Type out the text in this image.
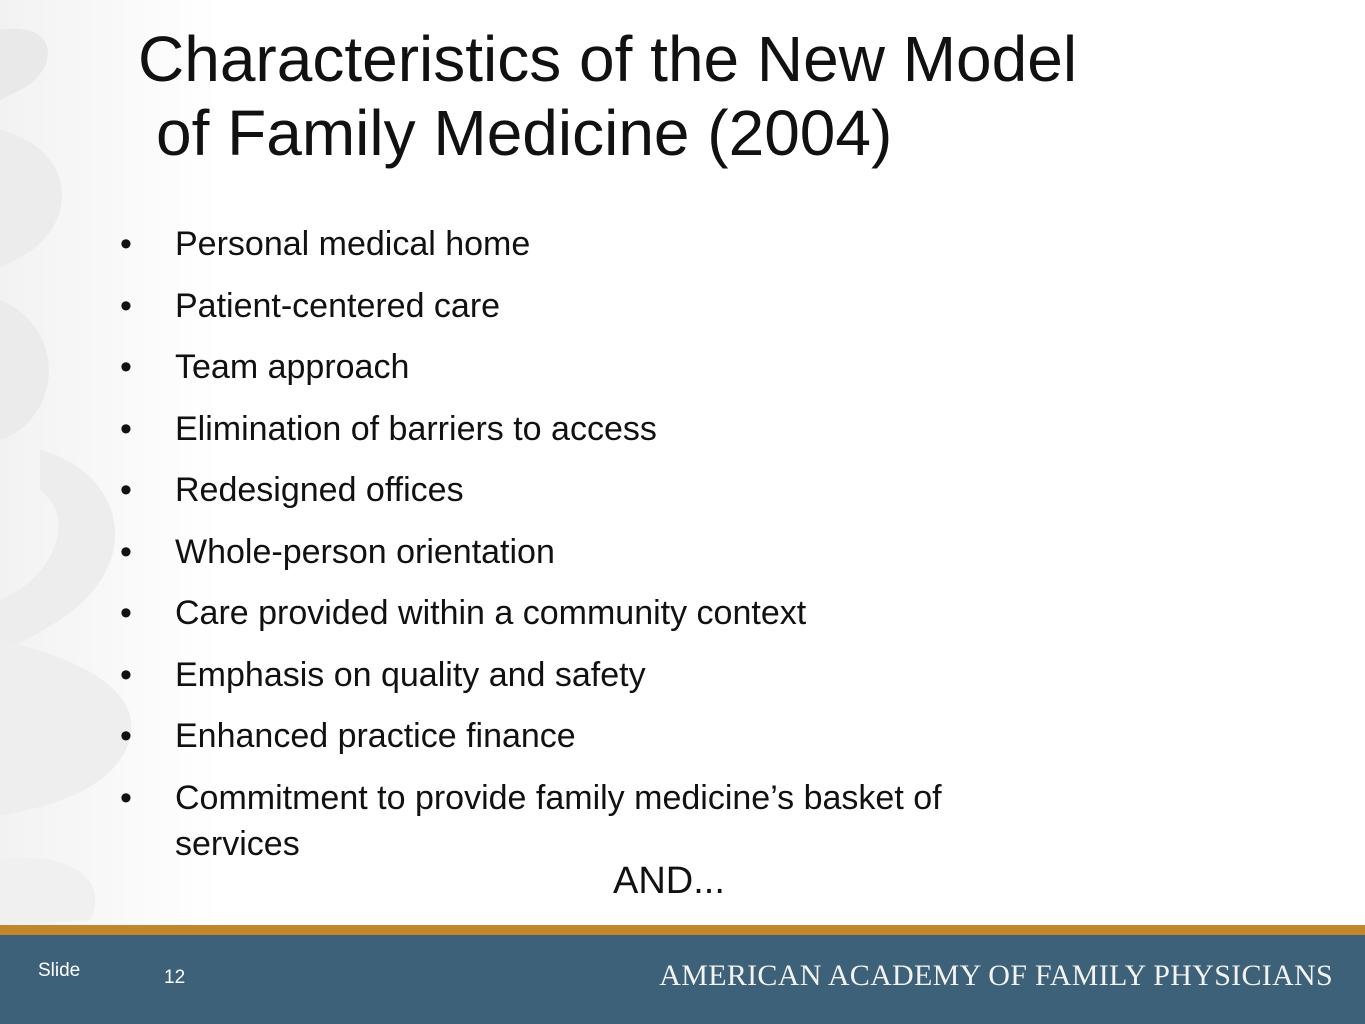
Characteristics of the New Model
of Family Medicine (2004)
•	Personal medical home
•	Patient-centered care
•	Team approach
•	Elimination of barriers to access
•	Redesigned offices
•	Whole-person orientation
•	Care provided within a community context
•	Emphasis on quality and safety
•	Enhanced practice finance
•	Commitment to provide family medicine’s basket of services
AND...
Slide	12	AMERICAN ACADEMY OF FAMILY PHYSICIANS
